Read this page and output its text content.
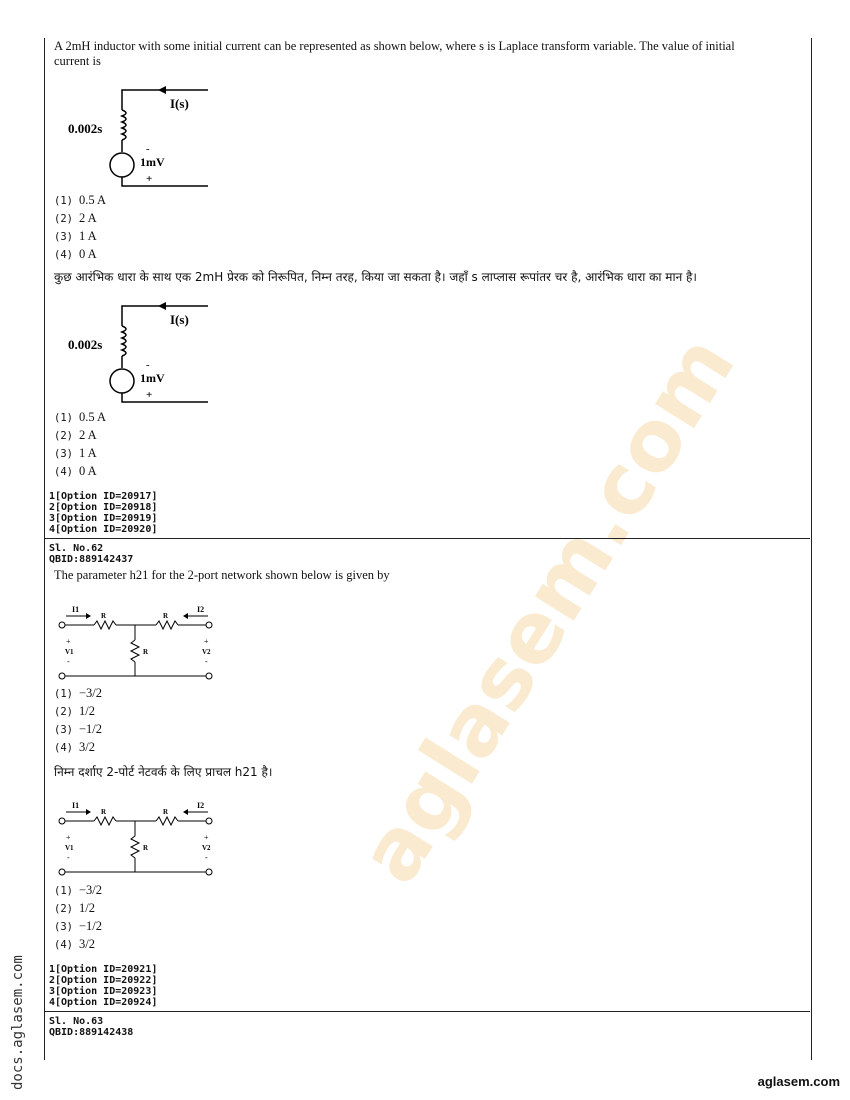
aglasem.com
A 2mH inductor with some initial current can be represented as shown below, where s is Laplace transform variable. The value of initial
current is
0.002s
I(s)
-
1mV
+
(1) 0.5 A
(2) 2 A
(3) 1 A
(4) 0 A
कुछ आरंभिक धारा के साथ एक 2mH प्रेरक को निरूपित, निम्न तरह, किया जा सकता है। जहाँ s लाप्लास रूपांतर चर है, आरंभिक धारा का मान है।
0.002s
I(s)
-
1mV
+
(1) 0.5 A
(2) 2 A
(3) 1 A
(4) 0 A
1[Option ID=20917]
2[Option ID=20918]
3[Option ID=20919]
4[Option ID=20920]
Sl. No.62
QBID:889142437
The parameter h21 for the 2-port network shown below is given by
I1	I2
R	R
R
+
V1
-
+
V2
-
(1) −3/2
(2) 1/2
(3) −1/2
(4) 3/2
निम्न दर्शाए 2-पोर्ट नेटवर्क के लिए प्राचल h21 है।
I1	I2
R	R
R
+
V1
-
+
V2
-
(1) −3/2
(2) 1/2
(3) −1/2
(4) 3/2
1[Option ID=20921]
2[Option ID=20922]
3[Option ID=20923]
4[Option ID=20924]
Sl. No.63
QBID:889142438
docs.aglasem.com	aglasem.com
